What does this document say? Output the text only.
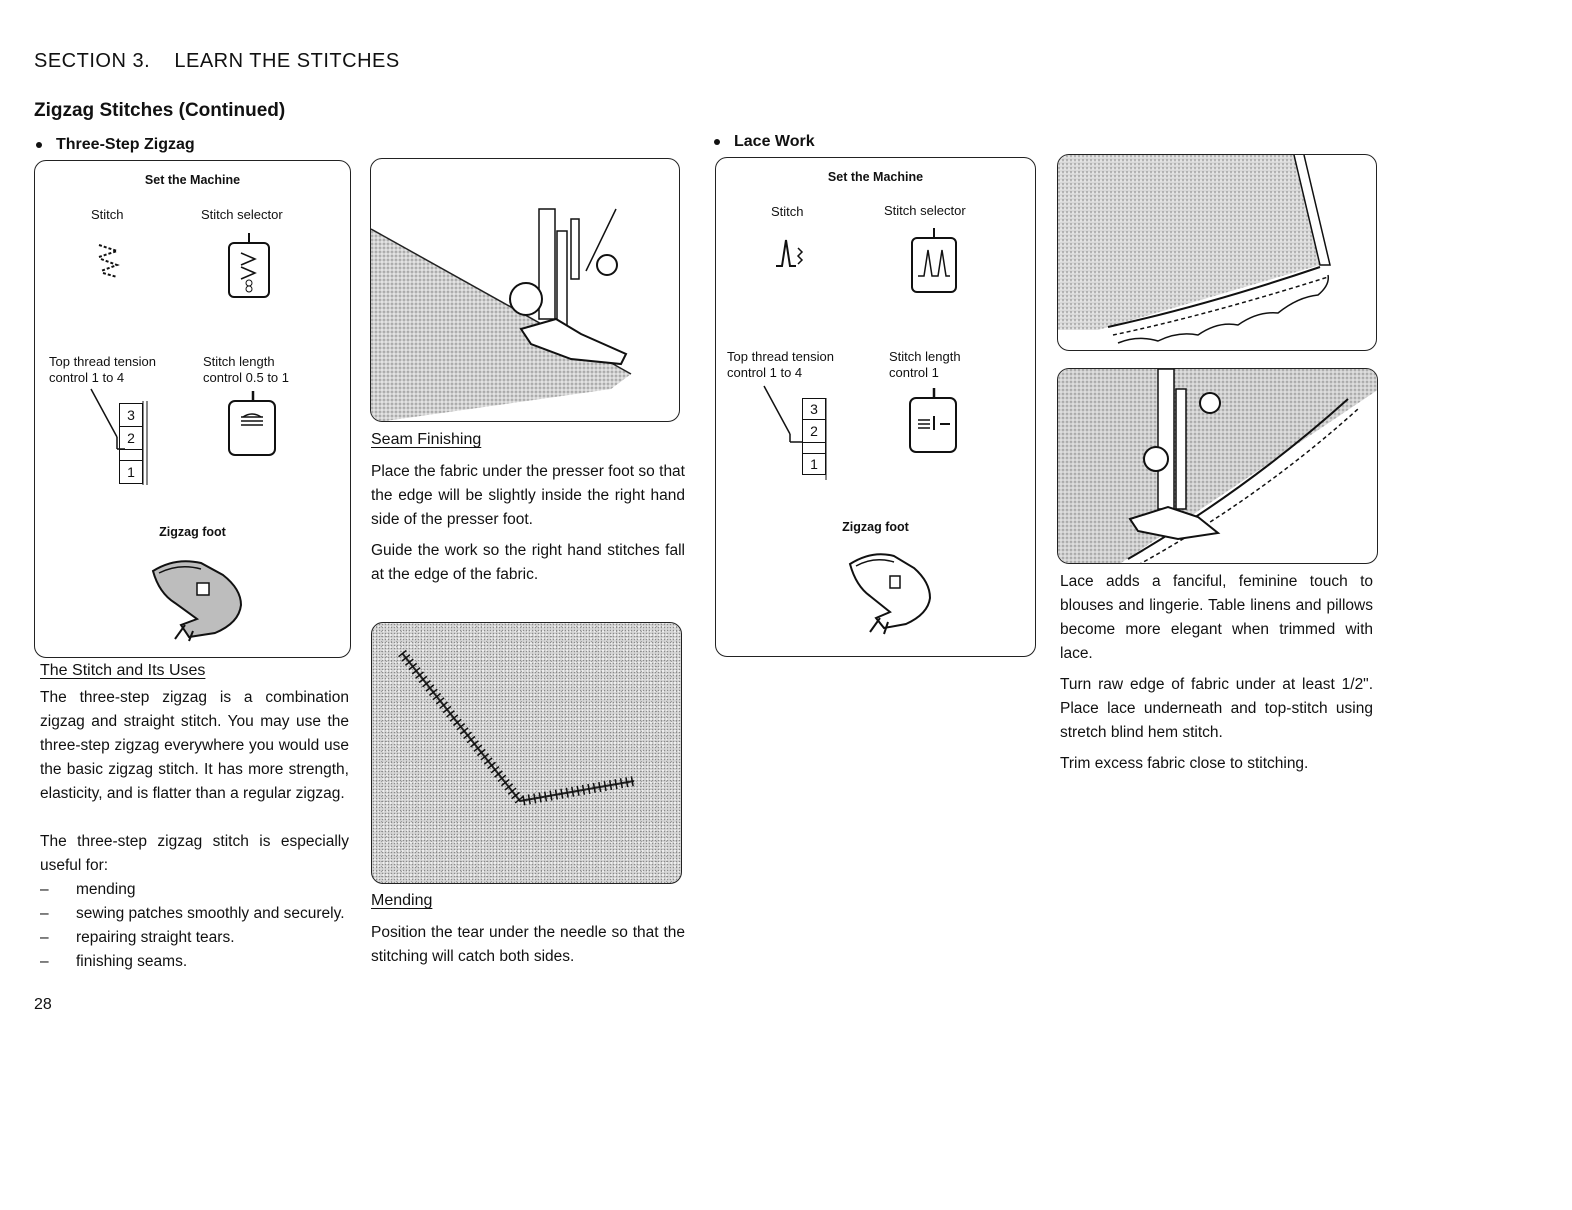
SECTION 3.    LEARN THE STITCHES
Zigzag Stitches (Continued)
Three-Step Zigzag
Set the Machine
Stitch	Stitch selector
Top thread tension
control 1 to 4
Stitch length
control 0.5 to 1
3
2
1
Zigzag foot
The Stitch and Its Uses
The three-step zigzag is a combination zigzag and straight stitch. You may use the three-step zigzag everywhere you would use the basic zigzag stitch. It has more strength, elasticity, and is flatter than a regular zigzag.
The three-step zigzag stitch is especially useful for:
–	mending
–	sewing patches smoothly and securely.
–	repairing straight tears.
–	finishing seams.
28
Seam Finishing
Place the fabric under the presser foot so that the edge will be slightly inside the right hand side of the presser foot.
Guide the work so the right hand stitches fall at the edge of the fabric.
Mending
Position the tear under the needle so that the stitching will catch both sides.
Lace Work
Set the Machine
Stitch	Stitch selector
Top thread tension
control 1 to 4
Stitch length
control 1
3
2
1
Zigzag foot
Lace adds a fanciful, feminine touch to blouses and lingerie. Table linens and pillows become more elegant when trimmed with lace.
Turn raw edge of fabric under at least 1/2". Place lace underneath and top-stitch using stretch blind hem stitch.
Trim excess fabric close to stitching.
